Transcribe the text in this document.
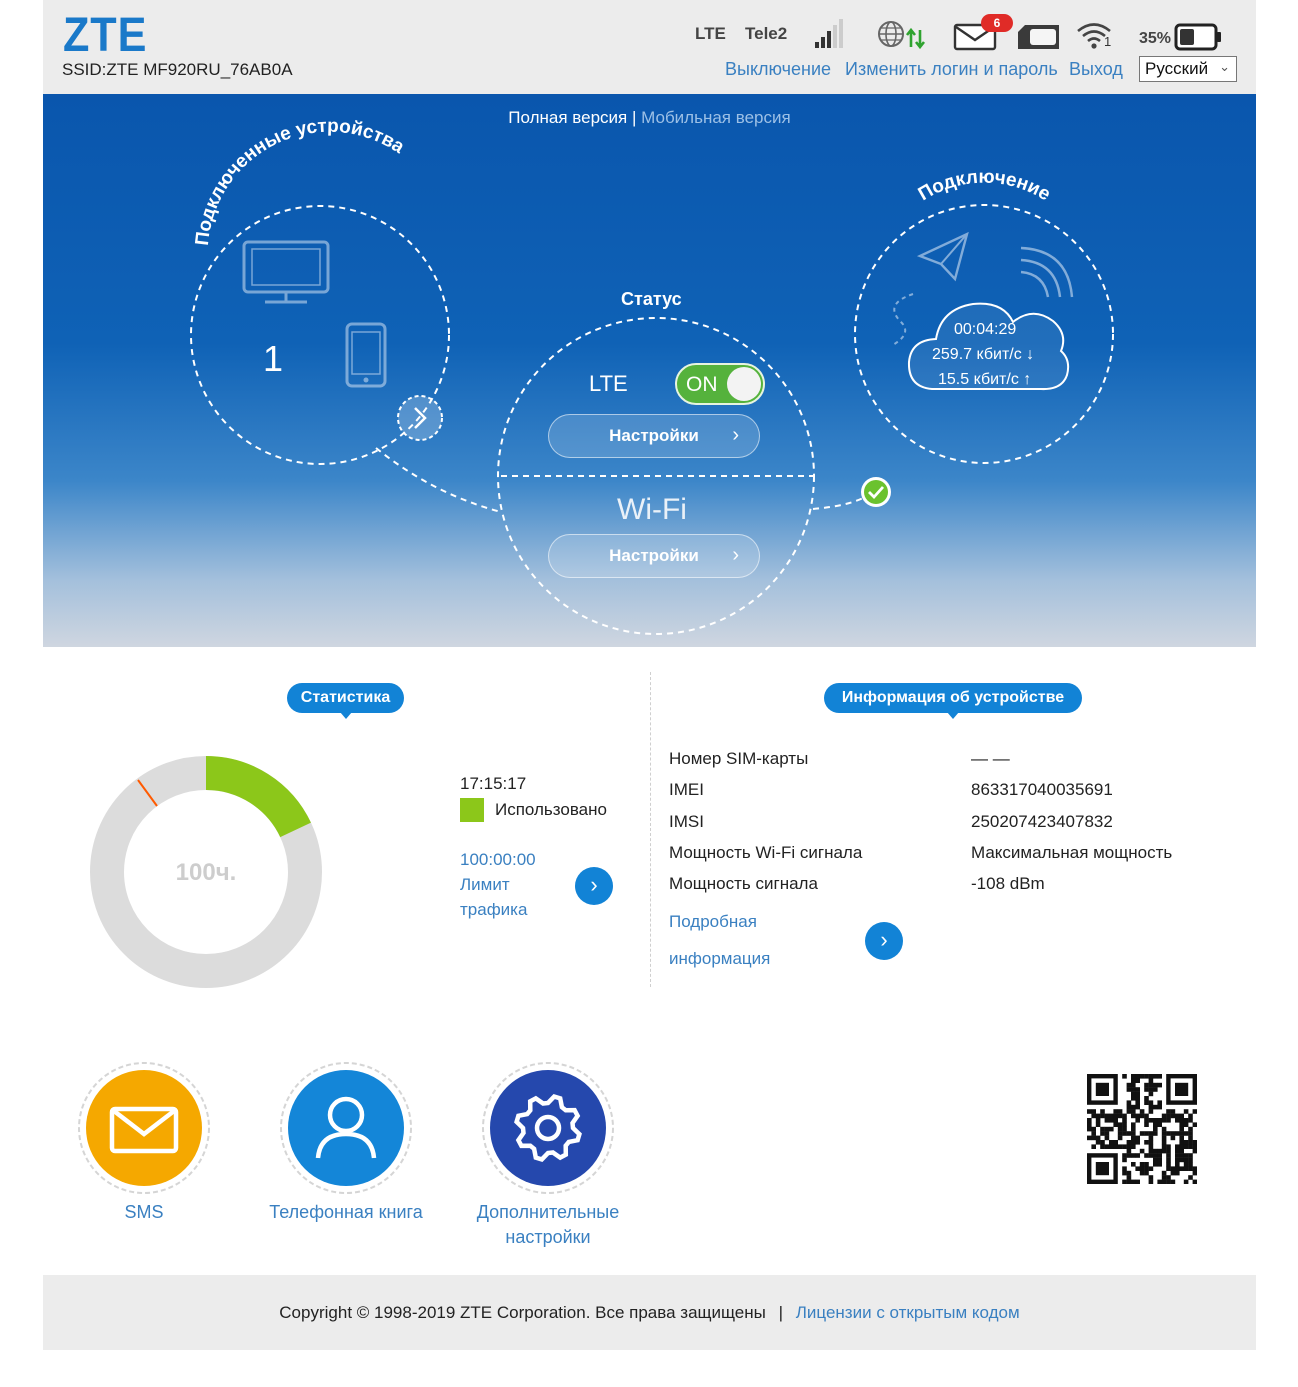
ZTE
SSID:ZTE MF920RU_76AB0A
LTE Tele2
6
1 35%
Выключение Изменить логин и пароль Выход	Русский ⌄
Полная версия | Мобильная версия
Подключенные устройства
Подключение
1
Статус
LTE	ON
Настройки ›
Wi-Fi
Настройки ›
00:04:29
259.7 кбит/с ↓
15.5 кбит/с ↑
Статистика
100ч.
17:15:17
Использовано
100:00:00
Лимит
трафика
›
Информация об устройстве
Номер SIM-карты	— —
IMEI	863317040035691
IMSI	250207423407832
Мощность Wi-Fi сигнала	Максимальная мощность
Мощность сигнала	-108 dBm
Подробная
информация
›
SMS	Телефонная книга	Дополнительные
настройки
Copyright © 1998-2019 ZTE Corporation. Все права защищены | Лицензии с открытым кодом
